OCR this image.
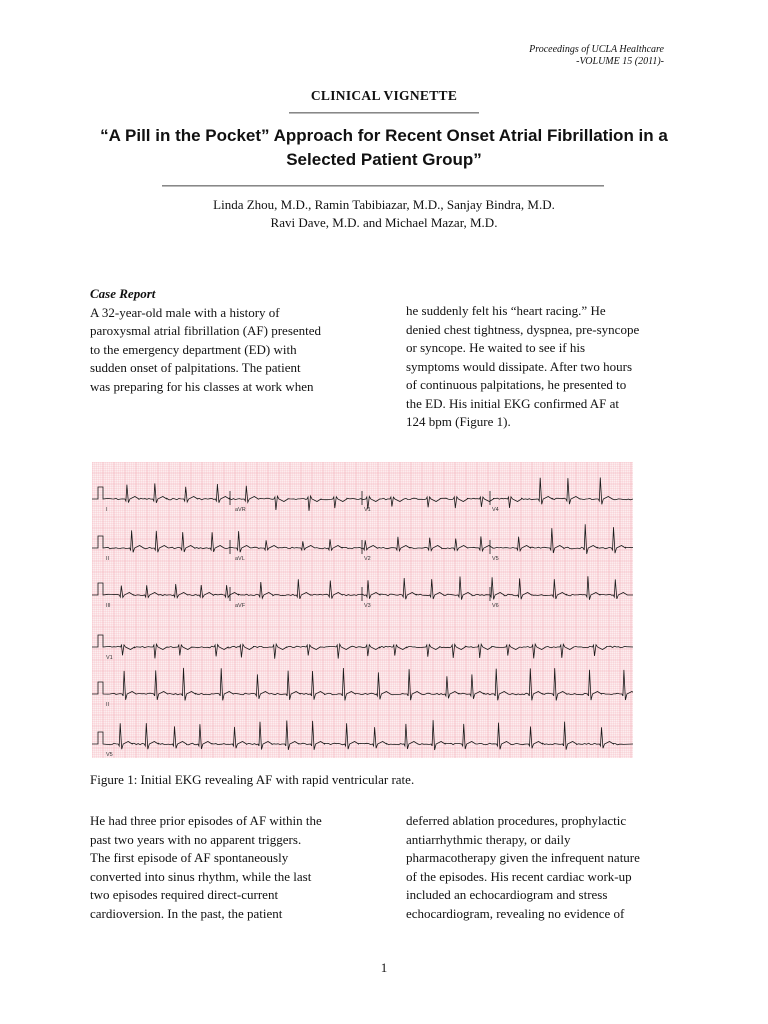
Proceedings of UCLA Healthcare
-VOLUME 15 (2011)-
CLINICAL VIGNETTE
“A Pill in the Pocket” Approach for Recent Onset Atrial Fibrillation in a
Selected Patient Group”
Linda Zhou, M.D., Ramin Tabibiazar, M.D., Sanjay Bindra, M.D.
Ravi Dave, M.D. and Michael Mazar, M.D.

Case Report

A 32-year-old male with a history of

paroxysmal atrial fibrillation (AF) presented

to the emergency department (ED) with

sudden onset of palpitations. The patient

was preparing for his classes at work when

he suddenly felt his “heart racing.” He

denied chest tightness, dyspnea, pre-syncope

or syncope. He waited to see if his

symptoms would dissipate. After two hours

of continuous palpitations, he presented to

the ED. His initial EKG confirmed AF at

124 bpm (Figure 1).

I	aVR	V1	V4
II	aVL	V2	V5
III	aVF	V3	V6
V1
II
V5
Figure 1: Initial EKG revealing AF with rapid ventricular rate.

He had three prior episodes of AF within the

past two years with no apparent triggers.

The first episode of AF spontaneously

converted into sinus rhythm, while the last

two episodes required direct-current

cardioversion. In the past, the patient

deferred ablation procedures, prophylactic

antiarrhythmic therapy, or daily

pharmacotherapy given the infrequent nature

of the episodes. His recent cardiac work-up

included an echocardiogram and stress

echocardiogram, revealing no evidence of

1
